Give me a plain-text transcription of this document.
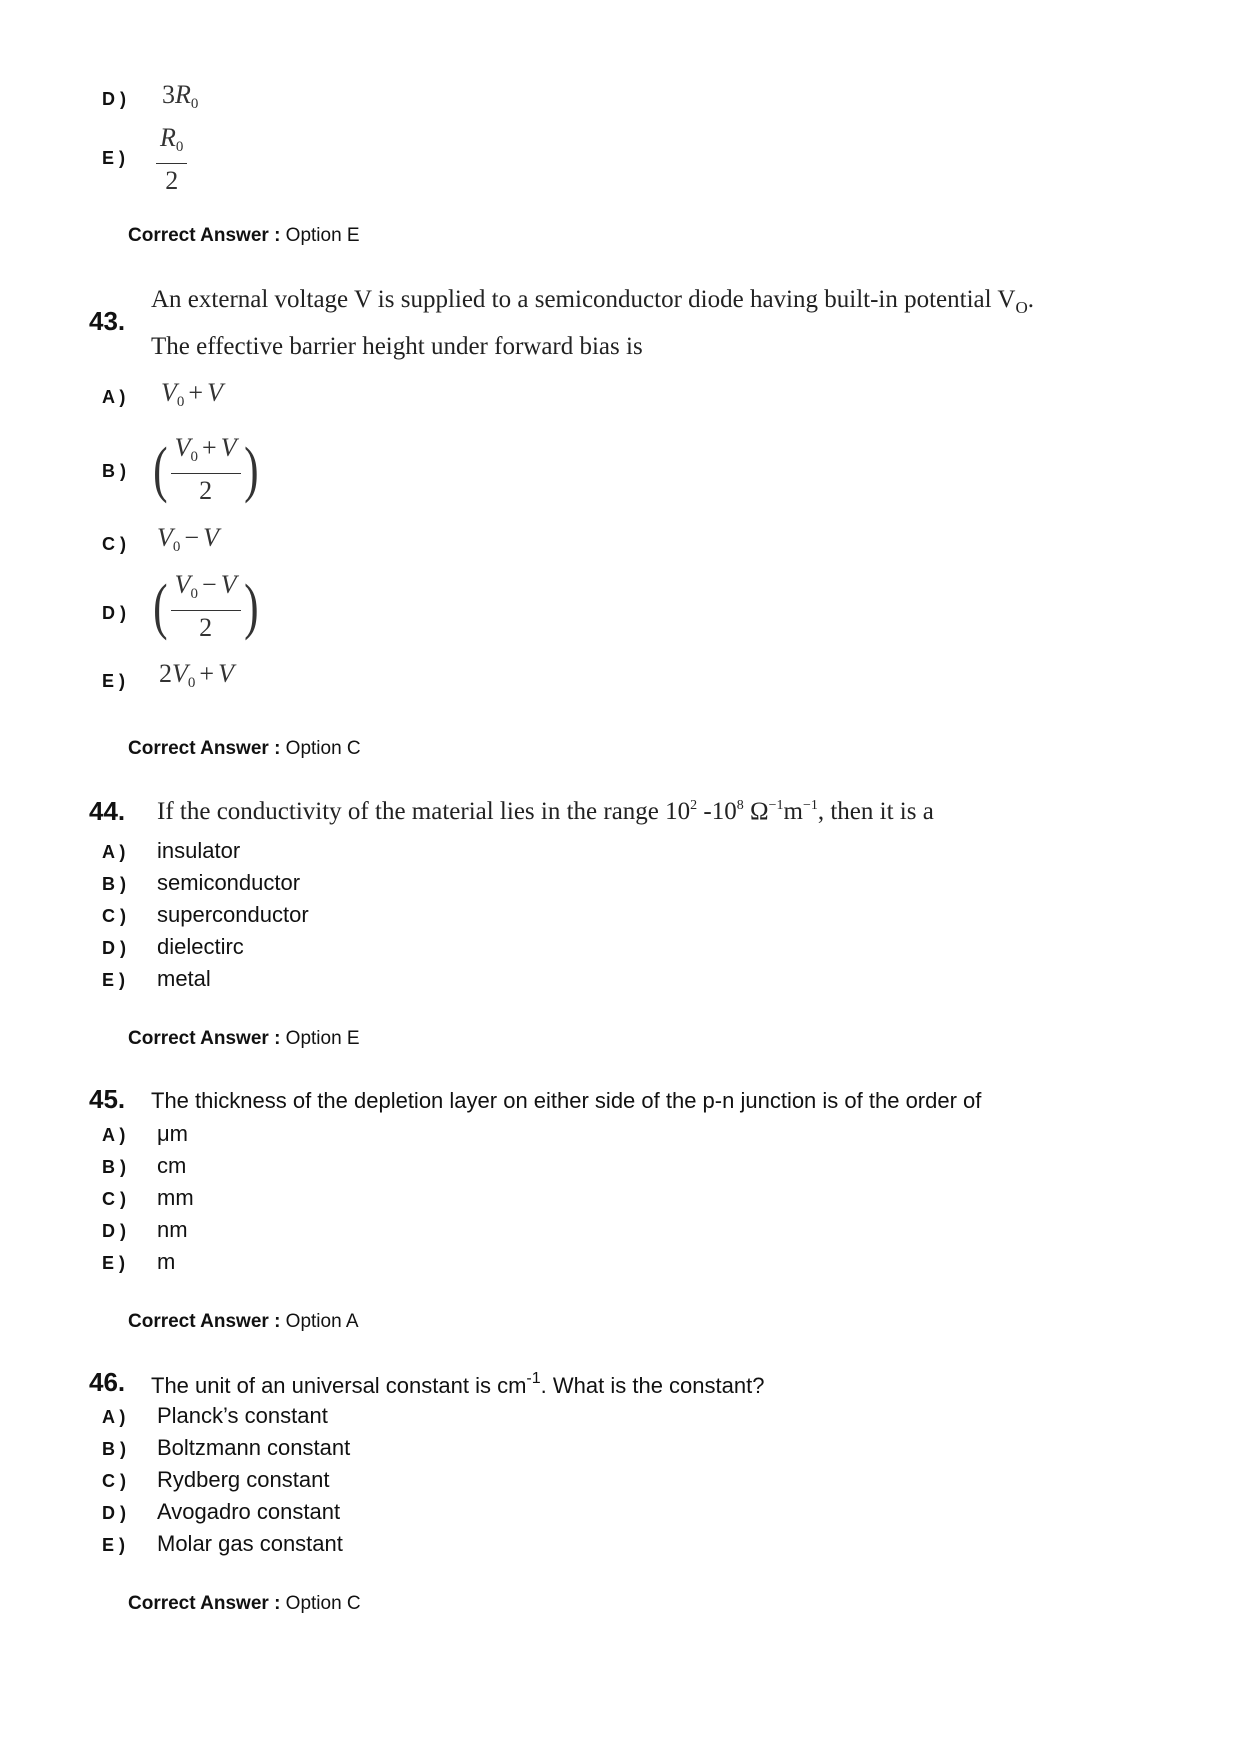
D )	$3R_0$
E )	$\frac{R_0}{2}$
Correct Answer : Option E
43.
An external voltage V is supplied to a semiconductor diode having built-in potential $V_O$.
The effective barrier height under forward bias is
A )	$V_0 + V$
B ) ( $\frac{V_0 + V}{2}$ )
C )	$V_0 - V$
D ) ( $\frac{V_0 - V}{2}$ )
E )	$2V_0 + V$
Correct Answer : Option C
44. If the conductivity of the material lies in the range $10^2$ $-10^8$ $\Omega^{-1}m^{-1}$, then it is a
A )	insulator
B )	semiconductor
C )	superconductor
D )	dielectirc
E )	metal
Correct Answer : Option E
45. The thickness of the depletion layer on either side of the p-n junction is of the order of
A )	μm
B )	cm
C )	mm
D )	nm
E )	m
Correct Answer : Option A
46. The unit of an universal constant is $cm^{-1}$. What is the constant?
A )	Planck’s constant
B )	Boltzmann constant
C )	Rydberg constant
D )	Avogadro constant
E )	Molar gas constant
Correct Answer : Option C
